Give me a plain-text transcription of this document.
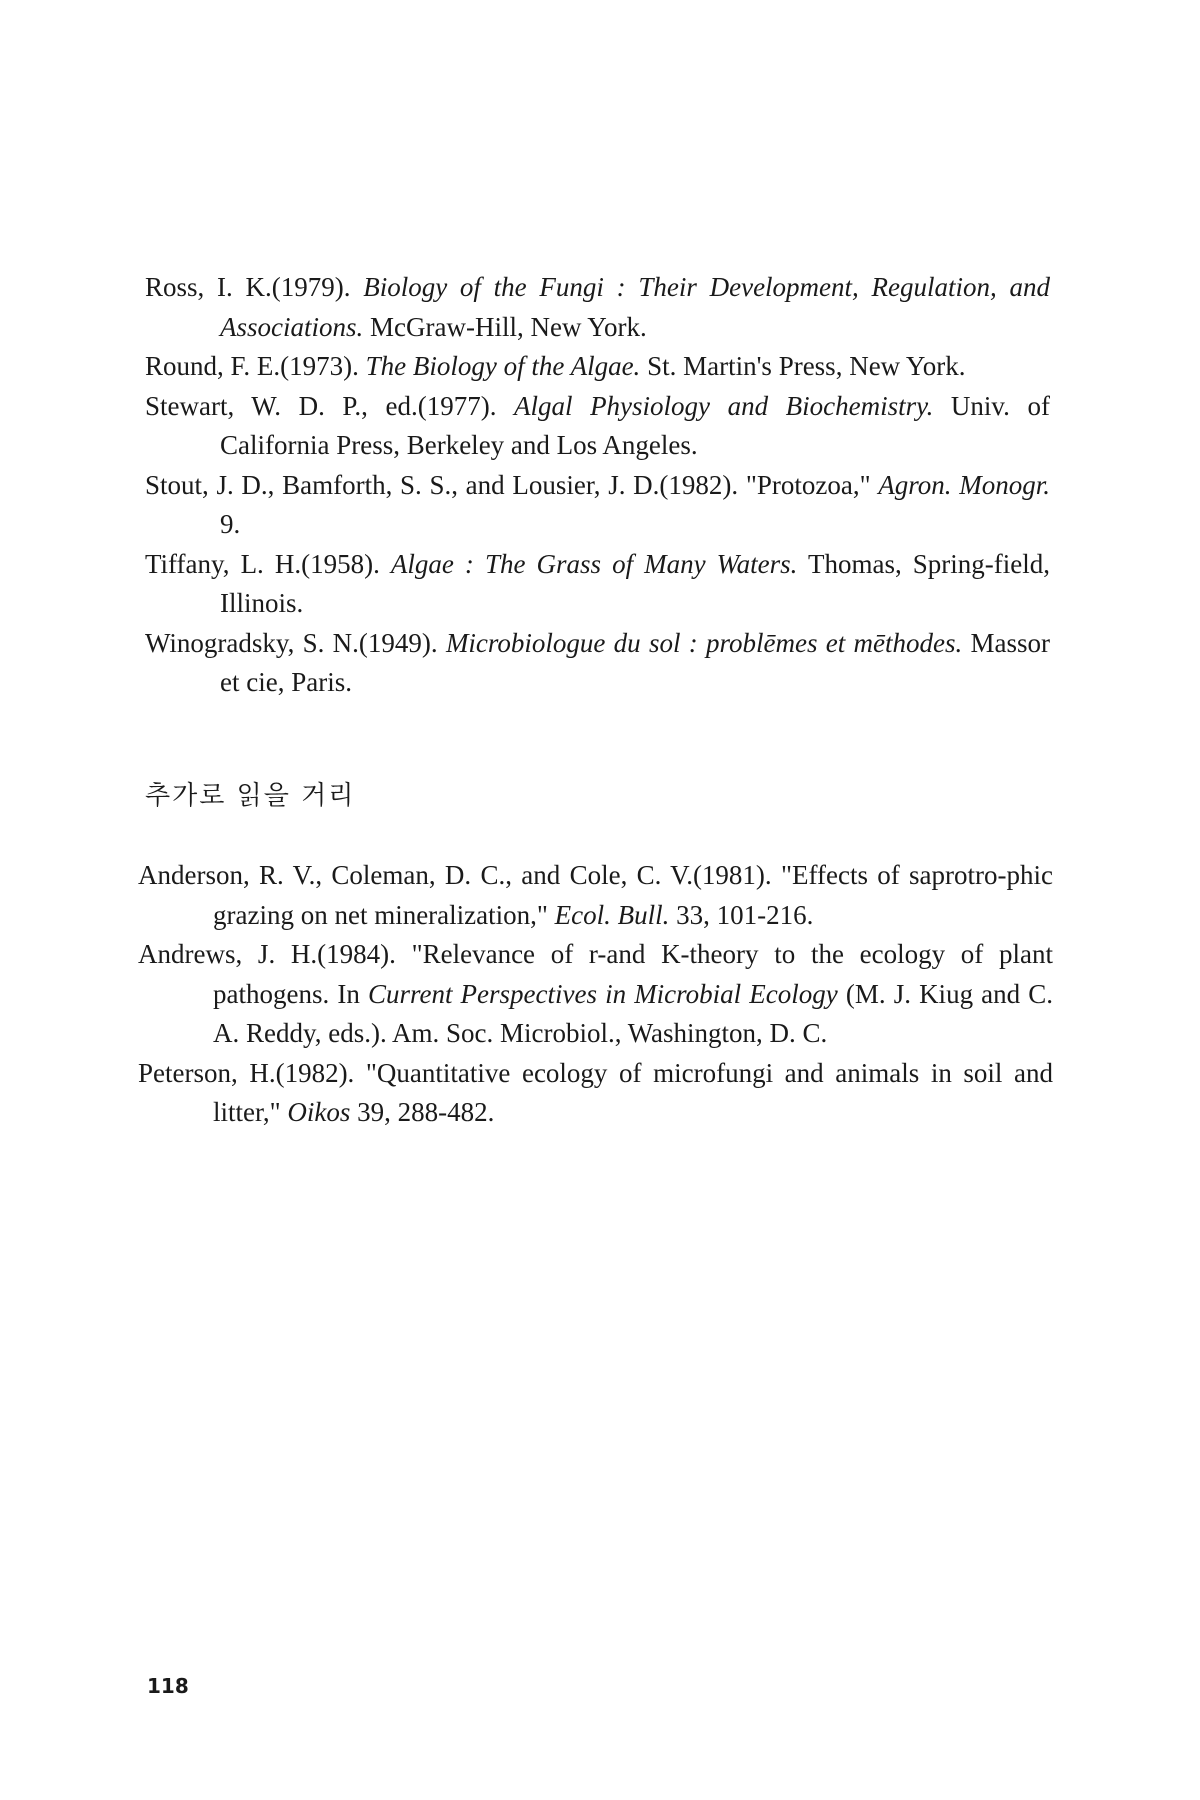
Ross, I. K.(1979). Biology of the Fungi : Their Development, Regulation, and Associations. McGraw-Hill, New York.
Round, F. E.(1973). The Biology of the Algae. St. Martin's Press, New York.
Stewart, W. D. P., ed.(1977). Algal Physiology and Biochemistry. Univ. of California Press, Berkeley and Los Angeles.
Stout, J. D., Bamforth, S. S., and Lousier, J. D.(1982). "Protozoa," Agron. Monogr. 9.
Tiffany, L. H.(1958). Algae : The Grass of Many Waters. Thomas, Spring-field, Illinois.
Winogradsky, S. N.(1949). Microbiologue du sol : problēmes et mēthodes. Massor et cie, Paris.
추가로 읽을 거리
Anderson, R. V., Coleman, D. C., and Cole, C. V.(1981). "Effects of saprotro-phic grazing on net mineralization," Ecol. Bull. 33, 101-216.
Andrews, J. H.(1984). "Relevance of r-and K-theory to the ecology of plant pathogens. In Current Perspectives in Microbial Ecology (M. J. Kiug and C. A. Reddy, eds.). Am. Soc. Microbiol., Washington, D. C.
Peterson, H.(1982). "Quantitative ecology of microfungi and animals in soil and litter," Oikos 39, 288-482.

118
